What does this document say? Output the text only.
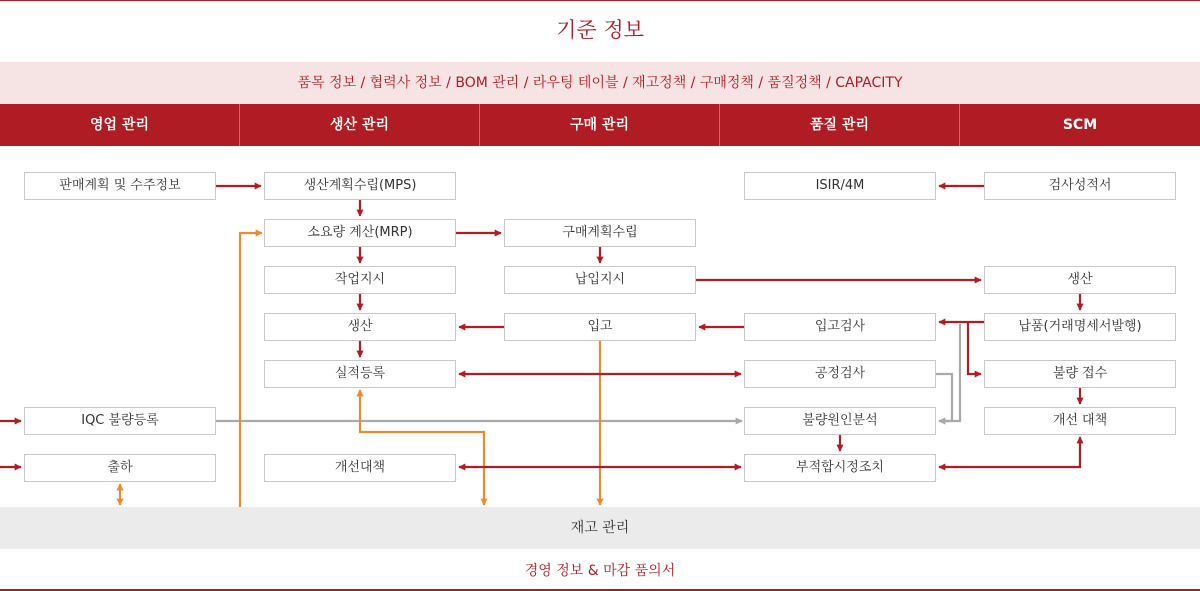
기준 정보
품목 정보 / 협력사 정보 / BOM 관리 / 라우팅 테이블 / 재고정책 / 구매정책 / 품질정책 / CAPACITY
영업 관리	생산 관리	구매 관리	품질 관리	SCM
판매계획 및 수주정보
IQC 불량등록
출하
생산계획수립(MPS)
소요량 계산(MRP)
작업지시
생산
실적등록
개선대책
구매계획수립
납입지시
입고
ISIR/4M
입고검사
공정검사
불량원인분석
부적합시정조치
검사성적서
생산
납품(거래명세서발행)
불량 접수
개선 대책
재고 관리
경영 정보 & 마감 품의서
